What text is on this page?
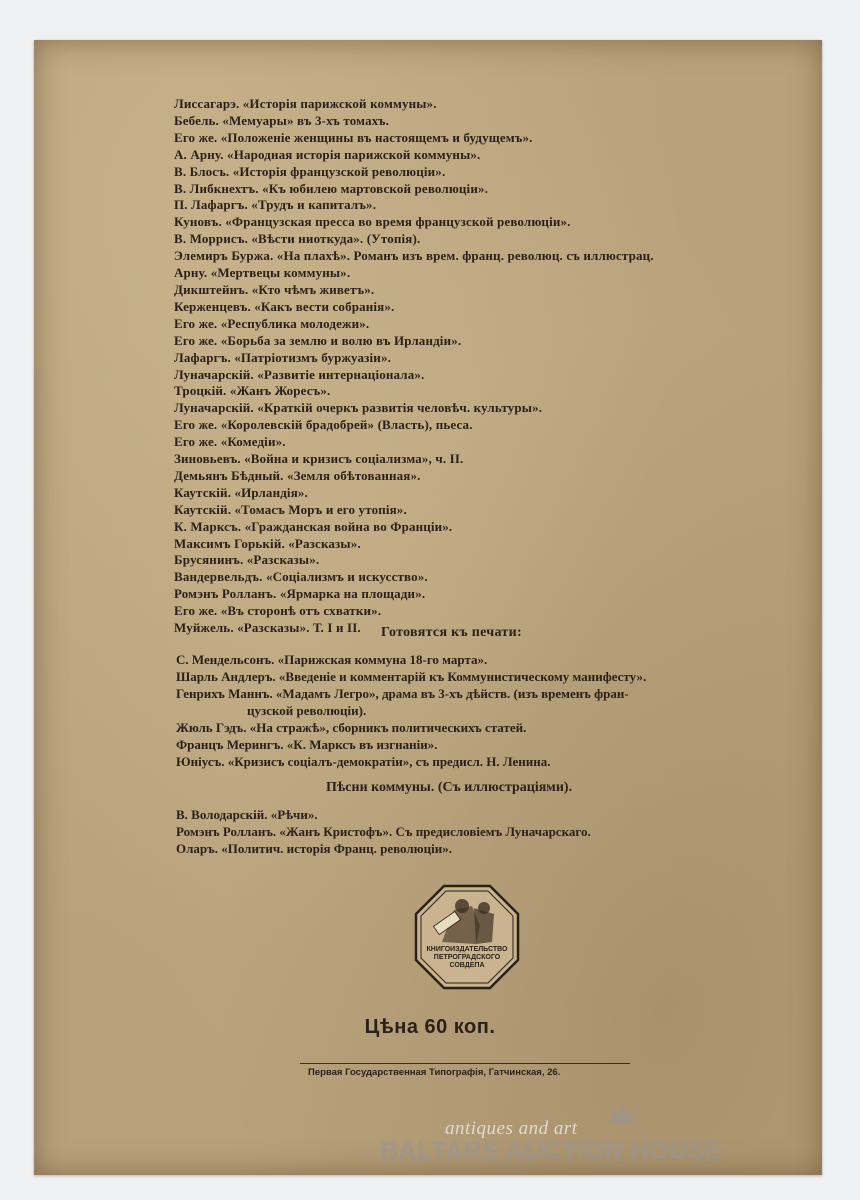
Лиссагарэ. «Исторія парижской коммуны».
Бебель. «Мемуары» въ 3-хъ томахъ.
Его же. «Положеніе женщины въ настоящемъ и будущемъ».
А. Арну. «Народная исторія парижской коммуны».
В. Блосъ. «Исторія французской революціи».
В. Либкнехтъ. «Къ юбилею мартовской революціи».
П. Лафаргъ. «Трудъ и капиталъ».
Куновъ. «Французская пресса во время французской революціи».
В. Моррисъ. «Вѣсти ниоткуда». (Утопія).
Элемиръ Буржа. «На плахѣ». Романъ изъ врем. франц. революц. съ иллюстрац.
Арну. «Мертвецы коммуны».
Дикштейнъ. «Кто чѣмъ живетъ».
Керженцевъ. «Какъ вести собранія».
Его же. «Республика молодежи».
Его же. «Борьба за землю и волю въ Ирландіи».
Лафаргъ. «Патріотизмъ буржуазіи».
Луначарскій. «Развитіе интернаціонала».
Троцкій. «Жанъ Жоресъ».
Луначарскій. «Краткій очеркъ развитія человѣч. культуры».
Его же. «Королевскій брадобрей» (Власть), пьеса.
Его же. «Комедіи».
Зиновьевъ. «Война и кризисъ соціализма», ч. II.
Демьянъ Бѣдный. «Земля обѣтованная».
Каутскій. «Ирландія».
Каутскій. «Томасъ Моръ и его утопія».
К. Марксъ. «Гражданская война во Франціи».
Максимъ Горькій. «Разсказы».
Брусянинъ. «Разсказы».
Вандервельдъ. «Соціализмъ и искусство».
Ромэнъ Ролланъ. «Ярмарка на площади».
Его же. «Въ сторонѣ отъ схватки».
Муйжель. «Разсказы». Т. I и II.	Готовятся къ печати:
С. Мендельсонъ. «Парижская коммуна 18-го марта».
Шарль Андлеръ. «Введеніе и комментарій къ Коммунистическому манифесту».
Генрихъ Маннъ. «Мадамъ Легро», драма въ 3-хъ дѣйств. (изъ временъ фран-
цузской революціи).
Жюль Гэдъ. «На стражѣ», сборникъ политическихъ статей.
Францъ Мерингъ. «К. Марксъ въ изгнаніи».
Юніусъ. «Кризисъ соціалъ-демократіи», съ предисл. Н. Ленина.
Пѣсни коммуны. (Съ иллюстраціями).
В. Володарскій. «Рѣчи».
Ромэнъ Ролланъ. «Жанъ Кристофъ». Съ предисловіемъ Луначарскаго.
Оларъ. «Политич. исторія Франц. революціи».
КНИГОИЗДАТЕЛЬСТВО
ПЕТРОГРАДСКОГО
СОВДЕПА
Цѣна 60 коп.
Первая Государственная Типографія, Гатчинская, 26.
antiques and art
BALTARS AUCTION HOUSE
